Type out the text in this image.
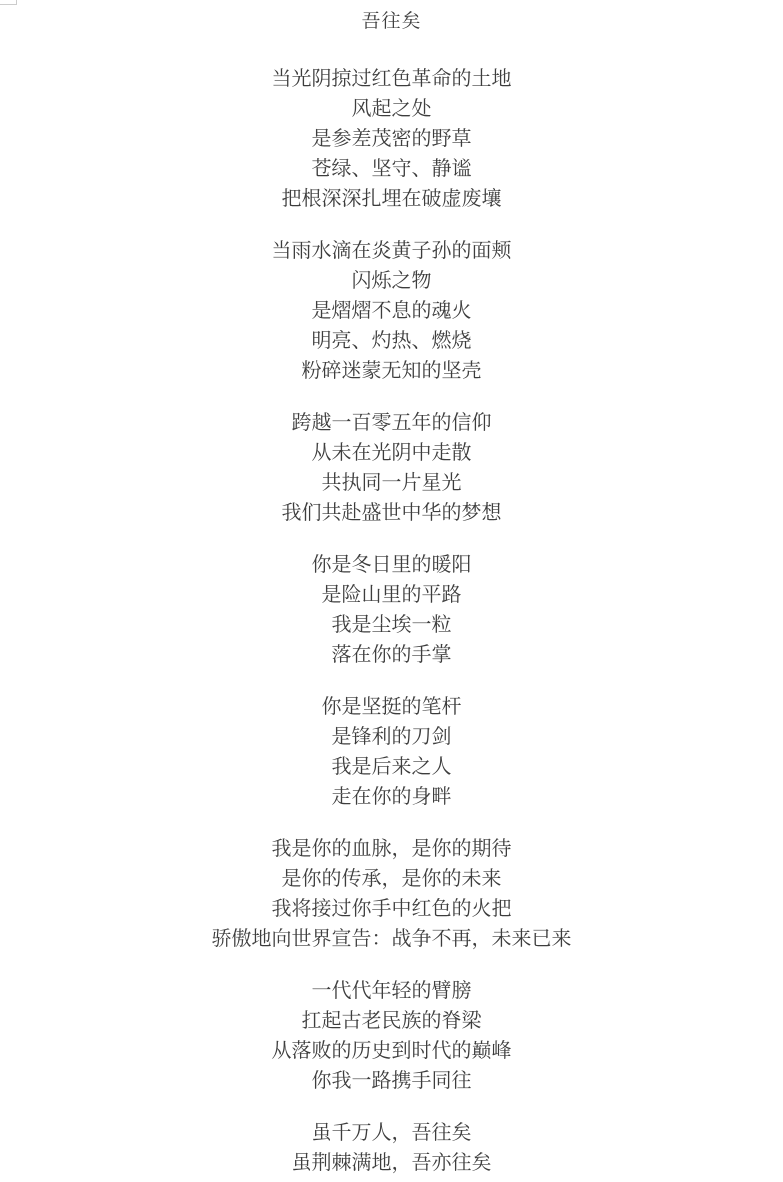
吾往矣
当光阴掠过红色革命的土地
风起之处
是参差茂密的野草
苍绿、坚守、静谧
把根深深扎埋在破虚废壤
当雨水滴在炎黄子孙的面颊
闪烁之物
是熠熠不息的魂火
明亮、灼热、燃烧
粉碎迷蒙无知的坚壳
跨越一百零五年的信仰
从未在光阴中走散
共执同一片星光
我们共赴盛世中华的梦想
你是冬日里的暖阳
是险山里的平路
我是尘埃一粒
落在你的手掌
你是坚挺的笔杆
是锋利的刀剑
我是后来之人
走在你的身畔
我是你的血脉，是你的期待
是你的传承，是你的未来
我将接过你手中红色的火把
骄傲地向世界宣告：战争不再，未来已来
一代代年轻的臂膀
扛起古老民族的脊梁
从落败的历史到时代的巅峰
你我一路携手同往
虽千万人，吾往矣
虽荆棘满地，吾亦往矣
